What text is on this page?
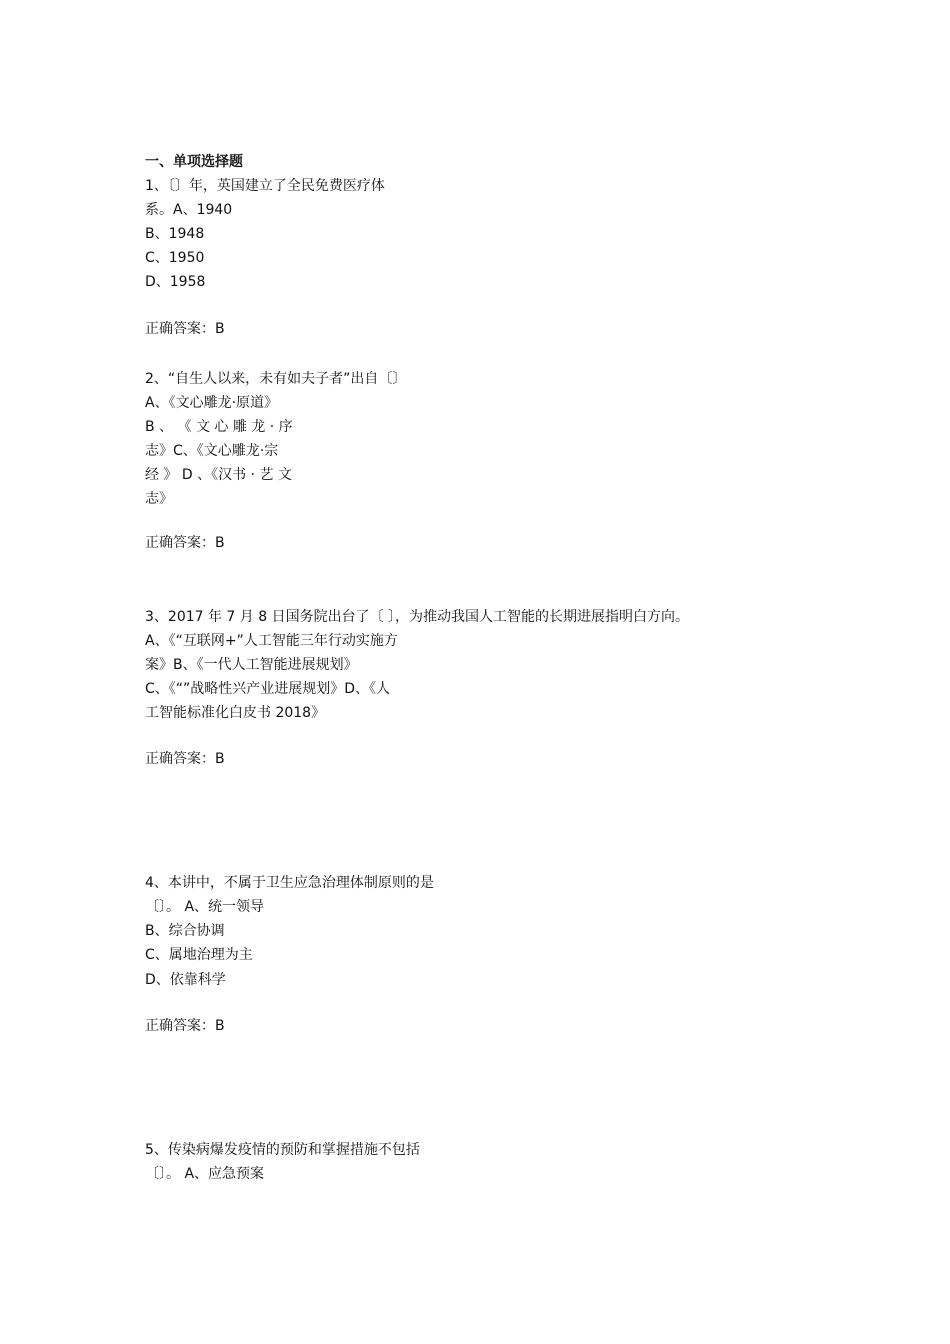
一、单项选择题
1、〔〕年，英国建立了全民免费医疗体
系。A、1940
B、1948
C、1950
D、1958
正确答案：B
2、“自生人以来，未有如夫子者”出自〔〕
A、《文心雕龙·原道》
B 、 《 文 心 雕 龙 · 序
志》C、《文心雕龙·宗
经 》 D 、《汉书 · 艺 文
志》
正确答案：B
3、2017 年 7 月 8 日国务院出台了〔 〕，为推动我国人工智能的长期进展指明白方向。
A、《“互联网+”人工智能三年行动实施方
案》B、《一代人工智能进展规划》
C、《“”战略性兴产业进展规划》D、《人
工智能标准化白皮书 2018》
正确答案：B
4、本讲中，不属于卫生应急治理体制原则的是
〔〕。 A、统一领导
B、综合协调
C、属地治理为主
D、依靠科学
正确答案：B
5、传染病爆发疫情的预防和掌握措施不包括
〔〕。 A、应急预案
